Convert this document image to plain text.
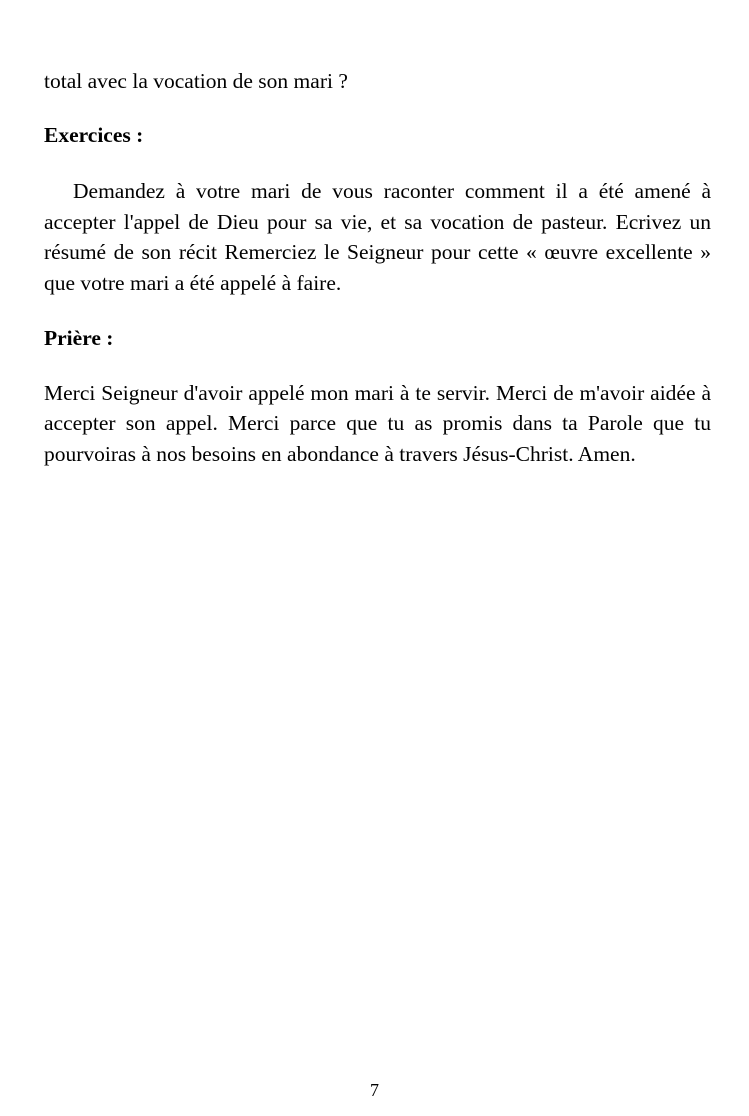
total avec la vocation de son mari ?

Exercices :

Demandez à votre mari de vous raconter comment il a été amené à accepter l'appel de Dieu pour sa vie, et sa vocation de pasteur. Ecrivez un résumé de son récit Remerciez le Seigneur pour cette « œuvre excellente » que votre mari a été appelé à faire.

Prière :

Merci Seigneur d'avoir appelé mon mari à te servir. Merci de m'avoir aidée à accepter son appel. Merci parce que tu as promis dans ta Parole que tu pourvoiras à nos besoins en abondance à travers Jésus-Christ. Amen.

7
